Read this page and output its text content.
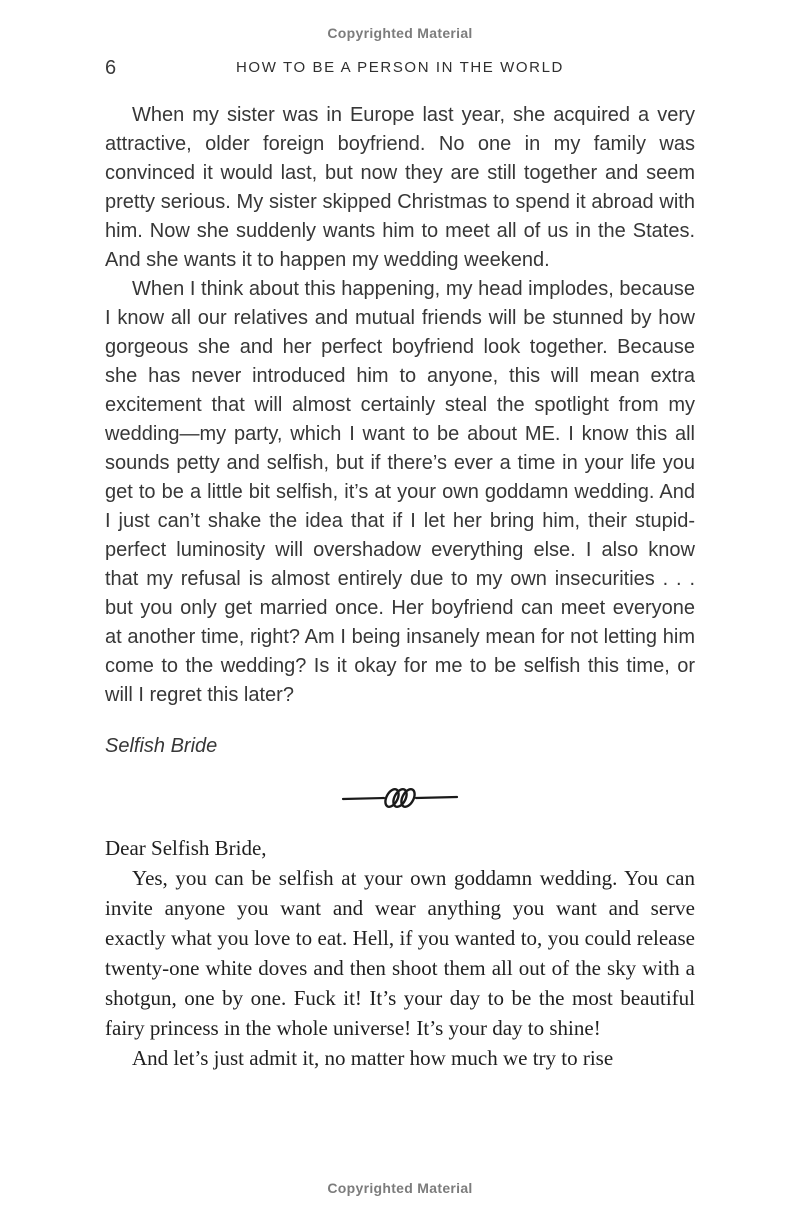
Copyrighted Material
6	HOW TO BE A PERSON IN THE WORLD

When my sister was in Europe last year, she acquired a very attractive, older foreign boyfriend. No one in my family was convinced it would last, but now they are still together and seem pretty serious. My sister skipped Christmas to spend it abroad with him. Now she suddenly wants him to meet all of us in the States. And she wants it to happen my wedding weekend.

When I think about this happening, my head implodes, because I know all our relatives and mutual friends will be stunned by how gorgeous she and her perfect boyfriend look together. Because she has never introduced him to anyone, this will mean extra excitement that will almost certainly steal the spotlight from my wedding—my party, which I want to be about ME. I know this all sounds petty and selfish, but if there’s ever a time in your life you get to be a little bit selfish, it’s at your own goddamn wedding. And I just can’t shake the idea that if I let her bring him, their stupid-perfect luminosity will overshadow everything else. I also know that my refusal is almost entirely due to my own insecurities . . . but you only get married once. Her boyfriend can meet everyone at another time, right? Am I being insanely mean for not letting him come to the wedding? Is it okay for me to be selfish this time, or will I regret this later?

Selfish Bride

Dear Selfish Bride,

Yes, you can be selfish at your own goddamn wedding. You can invite anyone you want and wear anything you want and serve exactly what you love to eat. Hell, if you wanted to, you could release twenty-one white doves and then shoot them all out of the sky with a shotgun, one by one. Fuck it! It’s your day to be the most beautiful fairy princess in the whole universe! It’s your day to shine!

And let’s just admit it, no matter how much we try to rise

Copyrighted Material
